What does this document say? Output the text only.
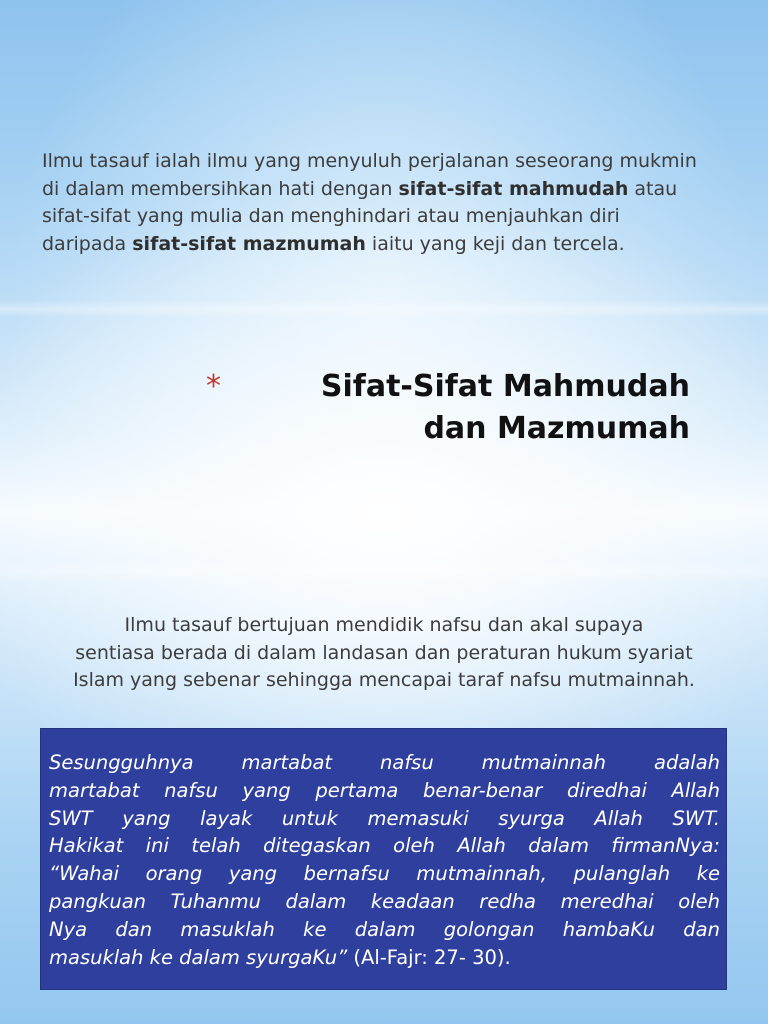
Ilmu tasauf ialah ilmu yang menyuluh perjalanan seseorang mukmin di dalam membersihkan hati dengan sifat-sifat mahmudah atau sifat-sifat yang mulia dan menghindari atau menjauhkan diri daripada sifat-sifat mazmumah iaitu yang keji dan tercela.
*	Sifat-Sifat Mahmudah
dan Mazmumah
Ilmu tasauf bertujuan mendidik nafsu dan akal supaya
sentiasa berada di dalam landasan dan peraturan hukum syariat
Islam yang sebenar sehingga mencapai taraf nafsu mutmainnah.
Sesungguhnya martabat nafsu mutmainnah adalah
martabat nafsu yang pertama benar-benar diredhai Allah
SWT yang layak untuk memasuki syurga Allah SWT.
Hakikat ini telah ditegaskan oleh Allah dalam firmanNya:
“Wahai orang yang bernafsu mutmainnah, pulanglah ke
pangkuan Tuhanmu dalam keadaan redha meredhai oleh
Nya dan masuklah ke dalam golongan hambaKu dan
masuklah ke dalam syurgaKu” (Al-Fajr: 27- 30).
